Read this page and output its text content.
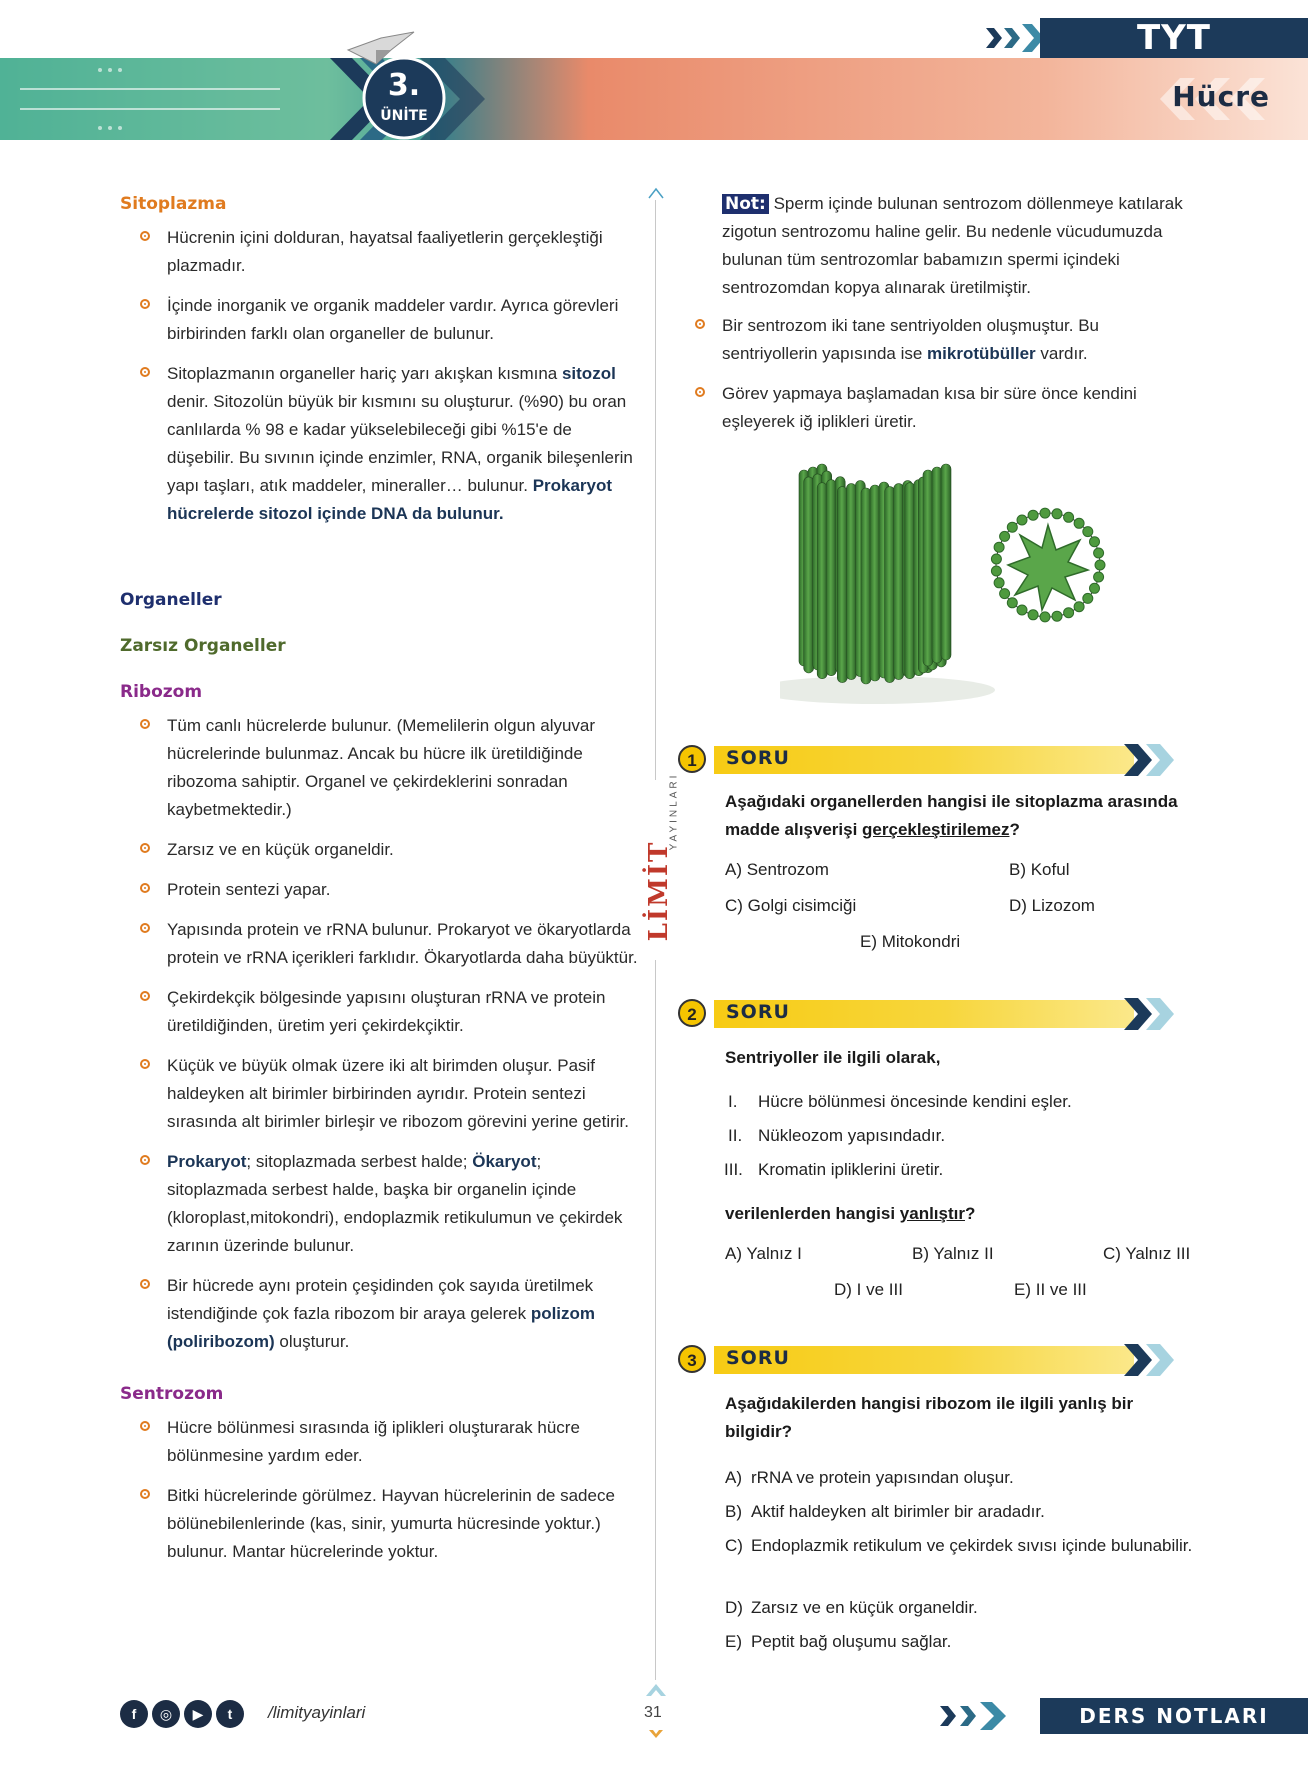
TYT
Hücre
3.
ÜNİTE
LİMİT
YAYINLARI
Sitoplazma
Hücrenin içini dolduran, hayatsal faaliyetlerin gerçekleştiği plazmadır.
İçinde inorganik ve organik maddeler vardır. Ayrıca görevleri birbirinden farklı olan organeller de bulunur.
Sitoplazmanın organeller hariç yarı akışkan kısmına sitozol denir. Sitozolün büyük bir kısmını su oluşturur. (%90) bu oran canlılarda % 98 e kadar yükselebileceği gibi %15'e de düşebilir. Bu sıvının içinde enzimler, RNA, organik bileşenlerin yapı taşları, atık maddeler, mineraller… bulunur. Prokaryot hücrelerde sitozol içinde DNA da bulunur.
Organeller
Zarsız Organeller
Ribozom
Tüm canlı hücrelerde bulunur. (Memelilerin olgun alyuvar hücrelerinde bulunmaz. Ancak bu hücre ilk üretildiğinde ribozoma sahiptir. Organel ve çekirdeklerini sonradan kaybetmektedir.)
Zarsız ve en küçük organeldir.
Protein sentezi yapar.
Yapısında protein ve rRNA bulunur. Prokaryot ve ökaryotlarda protein ve rRNA içerikleri farklıdır. Ökaryotlarda daha büyüktür.
Çekirdekçik bölgesinde yapısını oluşturan rRNA ve protein üretildiğinden, üretim yeri çekirdekçiktir.
Küçük ve büyük olmak üzere iki alt birimden oluşur. Pasif haldeyken alt birimler birbirinden ayrıdır. Protein sentezi sırasında alt birimler birleşir ve ribozom görevini yerine getirir.
Prokaryot; sitoplazmada serbest halde; Ökaryot; sitoplazmada serbest halde, başka bir organelin içinde (kloroplast,mitokondri), endoplazmik retikulumun ve çekirdek zarının üzerinde bulunur.
Bir hücrede aynı protein çeşidinden çok sayıda üretilmek istendiğinde çok fazla ribozom bir araya gelerek polizom (poliribozom) oluşturur.
Sentrozom
Hücre bölünmesi sırasında iğ iplikleri oluşturarak hücre bölünmesine yardım eder.
Bitki hücrelerinde görülmez. Hayvan hücrelerinin de sadece bölünebilenlerinde (kas, sinir, yumurta hücresinde yoktur.) bulunur. Mantar hücrelerinde yoktur.
Not: Sperm içinde bulunan sentrozom döllenmeye katılarak zigotun sentrozomu haline gelir. Bu nedenle vücudumuzda bulunan tüm sentrozomlar babamızın spermi içindeki sentrozomdan kopya alınarak üretilmiştir.
Bir sentrozom iki tane sentriyolden oluşmuştur. Bu sentriyollerin yapısında ise mikrotübüller vardır.
Görev yapmaya başlamadan kısa bir süre önce kendini eşleyerek iğ iplikleri üretir.
1	SORU
Aşağıdaki organellerden hangisi ile sitoplazma arasında madde alışverişi gerçekleştirilemez?
A) Sentrozom	B) Koful
C) Golgi cisimciği	D) Lizozom
E) Mitokondri
2	SORU
Sentriyoller ile ilgili olarak,
I. Hücre bölünmesi öncesinde kendini eşler.
II. Nükleozom yapısındadır.
III. Kromatin ipliklerini üretir.
verilenlerden hangisi yanlıştır?
A) Yalnız I	B) Yalnız II	C) Yalnız III
D) I ve III	E) II ve III
3	SORU
Aşağıdakilerden hangisi ribozom ile ilgili yanlış bir bilgidir?
A) rRNA ve protein yapısından oluşur.
B) Aktif haldeyken alt birimler bir aradadır.
C) Endoplazmik retikulum ve çekirdek sıvısı içinde bulunabilir.
D) Zarsız ve en küçük organeldir.
E) Peptit bağ oluşumu sağlar.
f ◎ ▶ t	/limityayinlari	31	DERS NOTLARI
